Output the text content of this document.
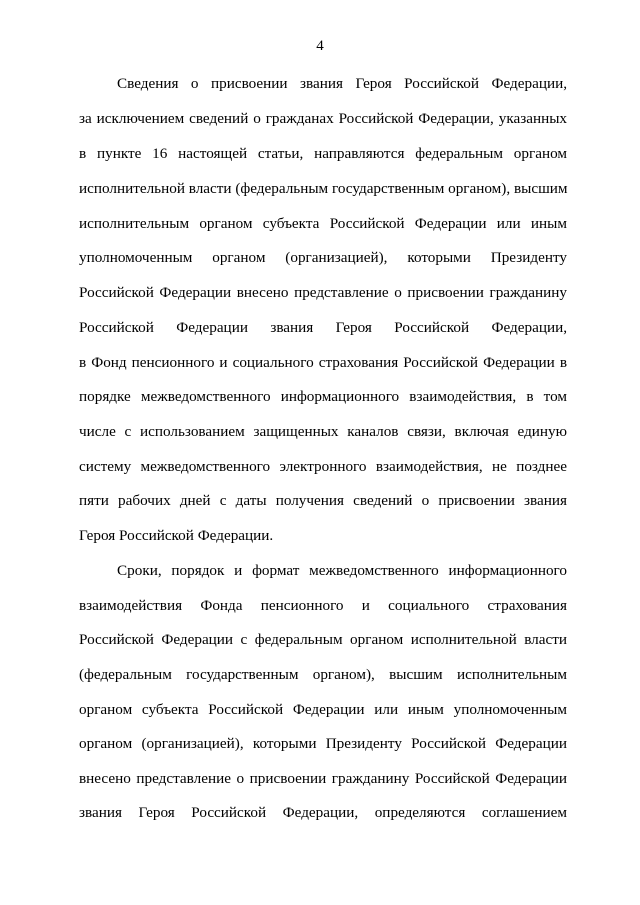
4
Сведения о присвоении звания Героя Российской Федерации,
за исключением сведений о гражданах Российской Федерации, указанных
в пункте 16 настоящей статьи, направляются федеральным органом
исполнительной власти (федеральным государственным органом), высшим
исполнительным органом субъекта Российской Федерации или иным
уполномоченным органом (организацией), которыми Президенту
Российской Федерации внесено представление о присвоении гражданину
Российской Федерации звания Героя Российской Федерации,
в Фонд пенсионного и социального страхования Российской Федерации в
порядке межведомственного информационного взаимодействия, в том
числе с использованием защищенных каналов связи, включая единую
систему межведомственного электронного взаимодействия, не позднее
пяти рабочих дней с даты получения сведений о присвоении звания
Героя Российской Федерации.
Сроки, порядок и формат межведомственного информационного
взаимодействия Фонда пенсионного и социального страхования
Российской Федерации с федеральным органом исполнительной власти
(федеральным государственным органом), высшим исполнительным
органом субъекта Российской Федерации или иным уполномоченным
органом (организацией), которыми Президенту Российской Федерации
внесено представление о присвоении гражданину Российской Федерации
звания Героя Российской Федерации, определяются соглашением
